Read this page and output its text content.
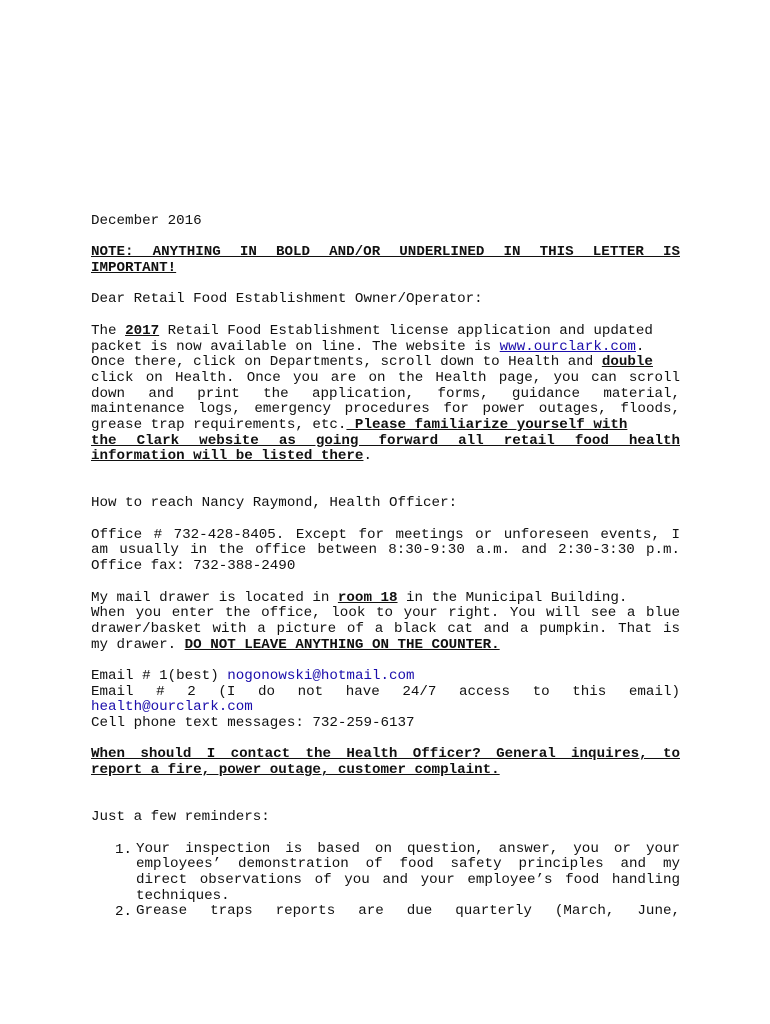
December 2016
NOTE: ANYTHING IN BOLD AND/OR UNDERLINED IN THIS LETTER IS
IMPORTANT!
Dear Retail Food Establishment Owner/Operator:
The 2017 Retail Food Establishment license application and updated
packet is now available on line. The website is www.ourclark.com.
Once there, click on Departments, scroll down to Health and double
click on Health. Once you are on the Health page, you can scroll
down and print the application, forms, guidance material,
maintenance logs, emergency procedures for power outages, floods,
grease trap requirements, etc. Please familiarize yourself with
the Clark website as going forward all retail food health
information will be listed there.
How to reach Nancy Raymond, Health Officer:
Office # 732-428-8405. Except for meetings or unforeseen events, I
am usually in the office between 8:30-9:30 a.m. and 2:30-3:30 p.m.
Office fax: 732-388-2490
My mail drawer is located in room 18 in the Municipal Building.
When you enter the office, look to your right. You will see a blue
drawer/basket with a picture of a black cat and a pumpkin. That is
my drawer. DO NOT LEAVE ANYTHING ON THE COUNTER.
Email # 1(best) nogonowski@hotmail.com
Email # 2 (I do not have 24/7 access to this email)
health@ourclark.com
Cell phone text messages: 732-259-6137
When should I contact the Health Officer? General inquires, to
report a fire, power outage, customer complaint.
Just a few reminders:
1. Your inspection is based on question, answer, you or your
employees’ demonstration of food safety principles and my
direct observations of you and your employee’s food handling
techniques.
2. Grease traps reports are due quarterly (March, June,
